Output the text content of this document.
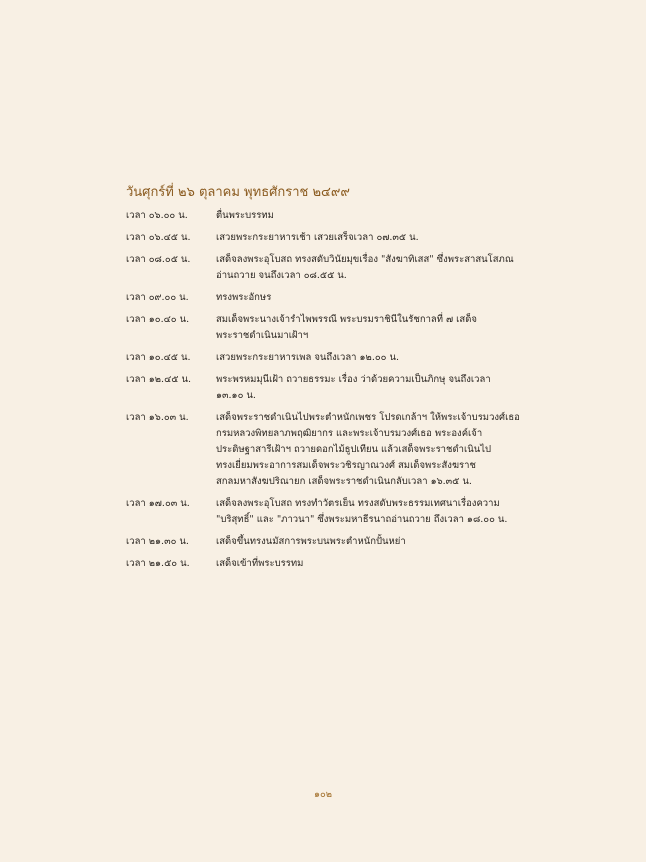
วันศุกร์ที่ ๒๖ ตุลาคม พุทธศักราช ๒๔๙๙
เวลา ๐๖.๐๐ น.	ตื่นพระบรรทม
เวลา ๐๖.๔๕ น.	เสวยพระกระยาหารเช้า เสวยเสร็จเวลา ๐๗.๓๕ น.
เวลา ๐๘.๐๕ น.	เสด็จลงพระอุโบสถ ทรงสดับวินัยมุขเรื่อง "สังฆาทิเสส" ซึ่งพระสาสนโสภณ
อ่านถวาย จนถึงเวลา ๐๘.๕๕ น.
เวลา ๐๙.๐๐ น.	ทรงพระอักษร
เวลา ๑๐.๔๐ น.	สมเด็จพระนางเจ้ารำไพพรรณี พระบรมราชินีในรัชกาลที่ ๗ เสด็จ
พระราชดำเนินมาเฝ้าฯ
เวลา ๑๐.๔๕ น.	เสวยพระกระยาหารเพล จนถึงเวลา ๑๒.๐๐ น.
เวลา ๑๒.๔๕ น.	พระพรหมมุนีเฝ้า ถวายธรรมะ เรื่อง ว่าด้วยความเป็นภิกษุ จนถึงเวลา
๑๓.๑๐ น.
เวลา ๑๖.๐๓ น.	เสด็จพระราชดำเนินไปพระตำหนักเพชร โปรดเกล้าฯ ให้พระเจ้าบรมวงศ์เธอ
กรมหลวงพิทยลาภพฤฒิยากร และพระเจ้าบรมวงศ์เธอ พระองค์เจ้า
ประดิษฐาสารีเฝ้าฯ ถวายดอกไม้ธูปเทียน แล้วเสด็จพระราชดำเนินไป
ทรงเยี่ยมพระอาการสมเด็จพระวชิรญาณวงศ์ สมเด็จพระสังฆราช
สกลมหาสังฆปริณายก เสด็จพระราชดำเนินกลับเวลา ๑๖.๓๕ น.
เวลา ๑๗.๐๓ น.	เสด็จลงพระอุโบสถ ทรงทำวัตรเย็น ทรงสดับพระธรรมเทศนาเรื่องความ
"บริสุทธิ์" และ "ภาวนา" ซึ่งพระมหาธีรนาถอ่านถวาย ถึงเวลา ๑๘.๐๐ น.
เวลา ๒๑.๓๐ น.	เสด็จขึ้นทรงนมัสการพระบนพระตำหนักปั้นหย่า
เวลา ๒๑.๕๐ น.	เสด็จเข้าที่พระบรรทม
๑๐๒
